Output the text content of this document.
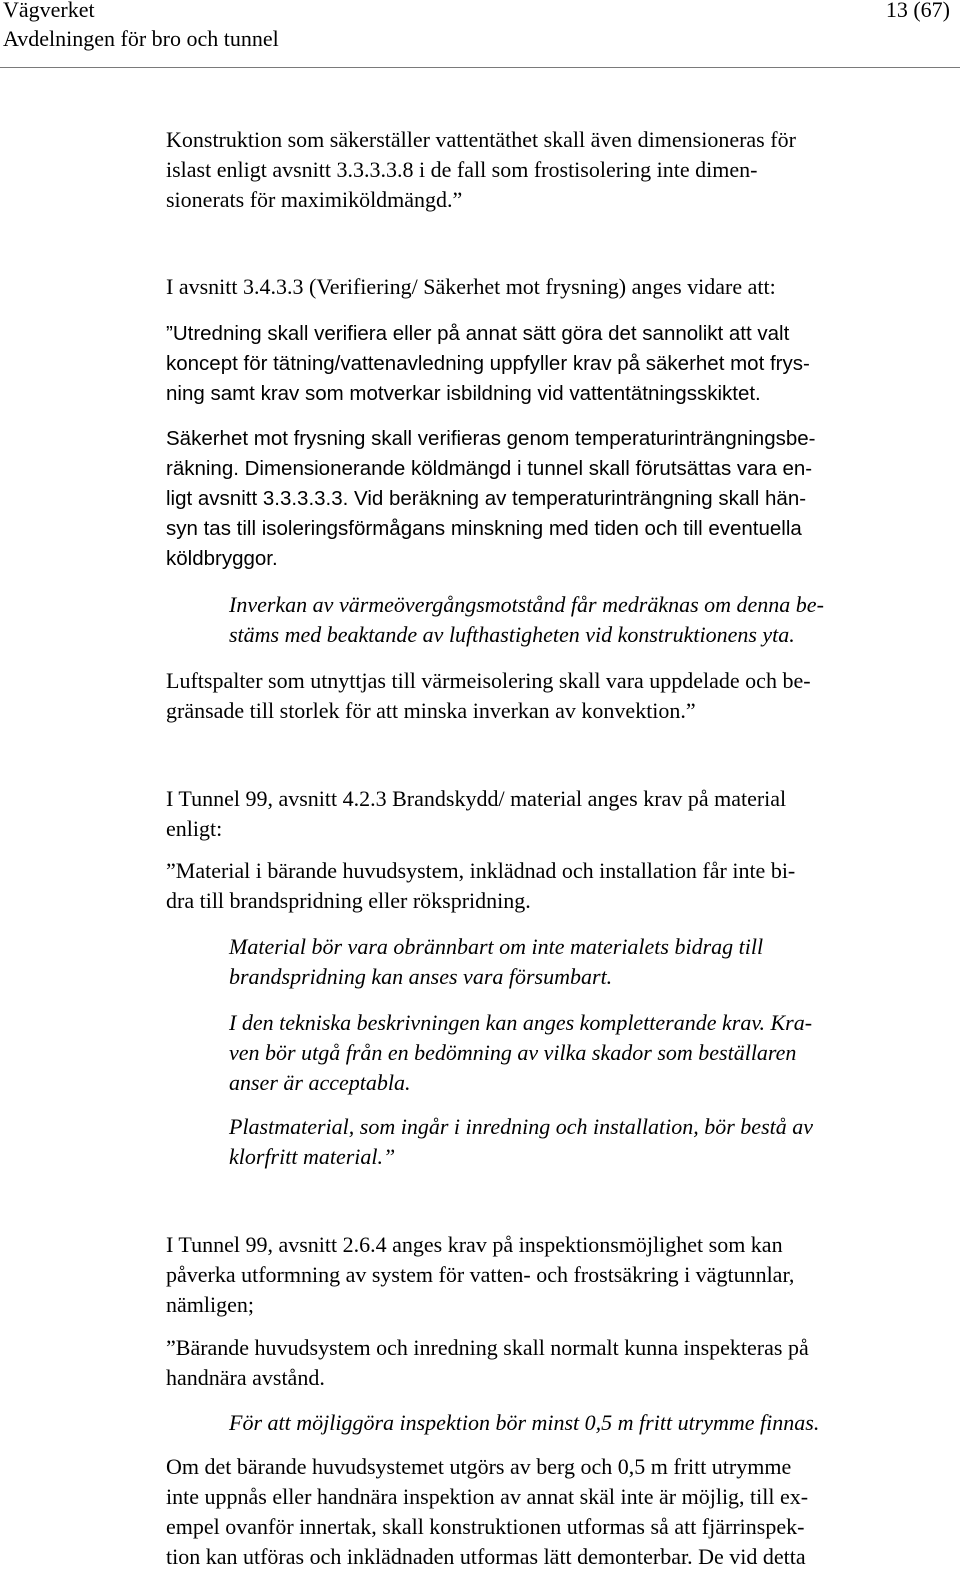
Vägverket
Avdelningen för bro och tunnel
13 (67)
Konstruktion som säkerställer vattentäthet skall även dimensioneras för
islast enligt avsnitt 3.3.3.3.8 i de fall som frostisolering inte dimen-
sionerats för maximiköldmängd.”
I avsnitt 3.4.3.3 (Verifiering/ Säkerhet mot frysning) anges vidare att:
”Utredning skall verifiera eller på annat sätt göra det sannolikt att valt
koncept för tätning/vattenavledning uppfyller krav på säkerhet mot frys-
ning samt krav som motverkar isbildning vid vattentätningsskiktet.
Säkerhet mot frysning skall verifieras genom temperaturinträngningsbe-
räkning. Dimensionerande köldmängd i tunnel skall förutsättas vara en-
ligt avsnitt 3.3.3.3.3. Vid beräkning av temperaturinträngning skall hän-
syn tas till isoleringsförmågans minskning med tiden och till eventuella
köldbryggor.
Inverkan av värmeövergångsmotstånd får medräknas om denna be-
stäms med beaktande av lufthastigheten vid konstruktionens yta.
Luftspalter som utnyttjas till värmeisolering skall vara uppdelade och be-
gränsade till storlek för att minska inverkan av konvektion.”
I Tunnel 99, avsnitt 4.2.3 Brandskydd/ material anges krav på material
enligt:
”Material i bärande huvudsystem, inklädnad och installation får inte bi-
dra till brandspridning eller rökspridning.
Material bör vara obrännbart om inte materialets bidrag till
brandspridning kan anses vara försumbart.
I den tekniska beskrivningen kan anges kompletterande krav. Kra-
ven bör utgå från en bedömning av vilka skador som beställaren
anser är acceptabla.
Plastmaterial, som ingår i inredning och installation, bör bestå av
klorfritt material.”
I Tunnel 99, avsnitt 2.6.4 anges krav på inspektionsmöjlighet som kan
påverka utformning av system för vatten- och frostsäkring i vägtunnlar,
nämligen;
”Bärande huvudsystem och inredning skall normalt kunna inspekteras på
handnära avstånd.
För att möjliggöra inspektion bör minst 0,5 m fritt utrymme finnas.
Om det bärande huvudsystemet utgörs av berg och 0,5 m fritt utrymme
inte uppnås eller handnära inspektion av annat skäl inte är möjlig, till ex-
empel ovanför innertak, skall konstruktionen utformas så att fjärrinspek-
tion kan utföras och inklädnaden utformas lätt demonterbar. De vid detta
